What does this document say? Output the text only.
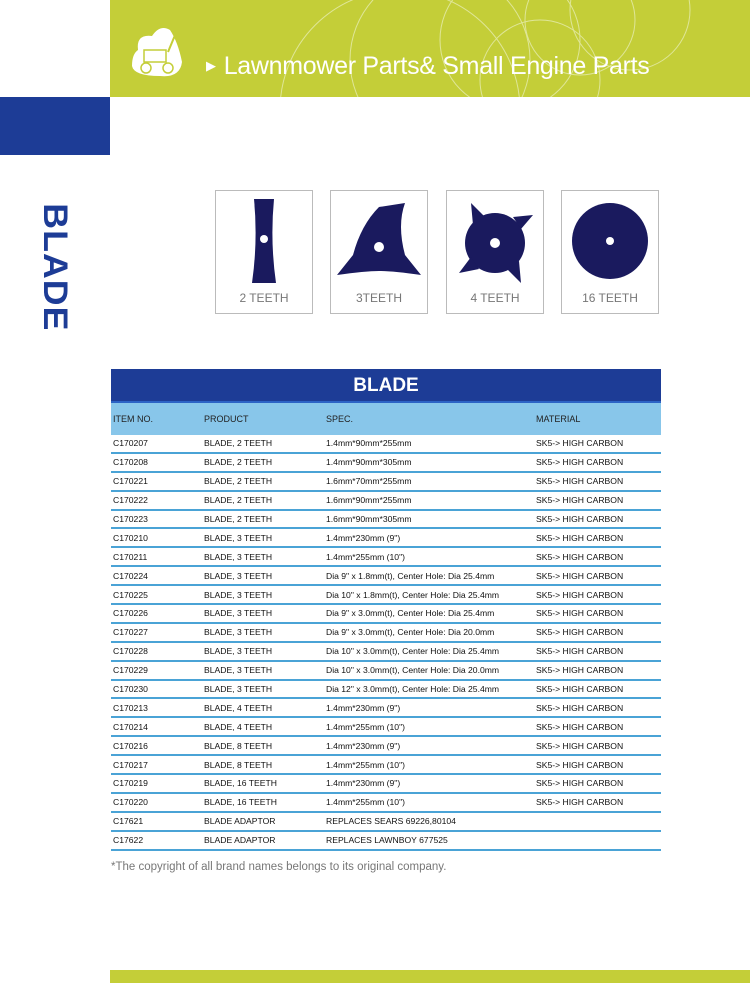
▶ Lawnmower Parts& Small Engine Parts
BLADE	2 TEETH	3TEETH	4 TEETH	16 TEETH
BLADE
ITEM NO.	PRODUCT	SPEC.	MATERIAL
C170207	BLADE, 2 TEETH	1.4mm*90mm*255mm	SK5-> HIGH CARBON
C170208	BLADE, 2 TEETH	1.4mm*90mm*305mm	SK5-> HIGH CARBON
C170221	BLADE, 2 TEETH	1.6mm*70mm*255mm	SK5-> HIGH CARBON
C170222	BLADE, 2 TEETH	1.6mm*90mm*255mm	SK5-> HIGH CARBON
C170223	BLADE, 2 TEETH	1.6mm*90mm*305mm	SK5-> HIGH CARBON
C170210	BLADE, 3 TEETH	1.4mm*230mm (9")	SK5-> HIGH CARBON
C170211	BLADE, 3 TEETH	1.4mm*255mm (10")	SK5-> HIGH CARBON
C170224	BLADE, 3 TEETH	Dia 9" x 1.8mm(t), Center Hole: Dia 25.4mm	SK5-> HIGH CARBON
C170225	BLADE, 3 TEETH	Dia 10" x 1.8mm(t), Center Hole: Dia 25.4mm	SK5-> HIGH CARBON
C170226	BLADE, 3 TEETH	Dia 9" x 3.0mm(t), Center Hole: Dia 25.4mm	SK5-> HIGH CARBON
C170227	BLADE, 3 TEETH	Dia 9" x 3.0mm(t), Center Hole: Dia 20.0mm	SK5-> HIGH CARBON
C170228	BLADE, 3 TEETH	Dia 10" x 3.0mm(t), Center Hole: Dia 25.4mm	SK5-> HIGH CARBON
C170229	BLADE, 3 TEETH	Dia 10" x 3.0mm(t), Center Hole: Dia 20.0mm	SK5-> HIGH CARBON
C170230	BLADE, 3 TEETH	Dia 12" x 3.0mm(t), Center Hole: Dia 25.4mm	SK5-> HIGH CARBON
C170213	BLADE, 4 TEETH	1.4mm*230mm (9")	SK5-> HIGH CARBON
C170214	BLADE, 4 TEETH	1.4mm*255mm (10")	SK5-> HIGH CARBON
C170216	BLADE, 8 TEETH	1.4mm*230mm (9")	SK5-> HIGH CARBON
C170217	BLADE, 8 TEETH	1.4mm*255mm (10")	SK5-> HIGH CARBON
C170219	BLADE, 16 TEETH	1.4mm*230mm (9")	SK5-> HIGH CARBON
C170220	BLADE, 16 TEETH	1.4mm*255mm (10")	SK5-> HIGH CARBON
C17621	BLADE ADAPTOR	REPLACES SEARS 69226,80104
C17622	BLADE ADAPTOR	REPLACES LAWNBOY 677525
*The copyright of all brand names belongs to its original company.
